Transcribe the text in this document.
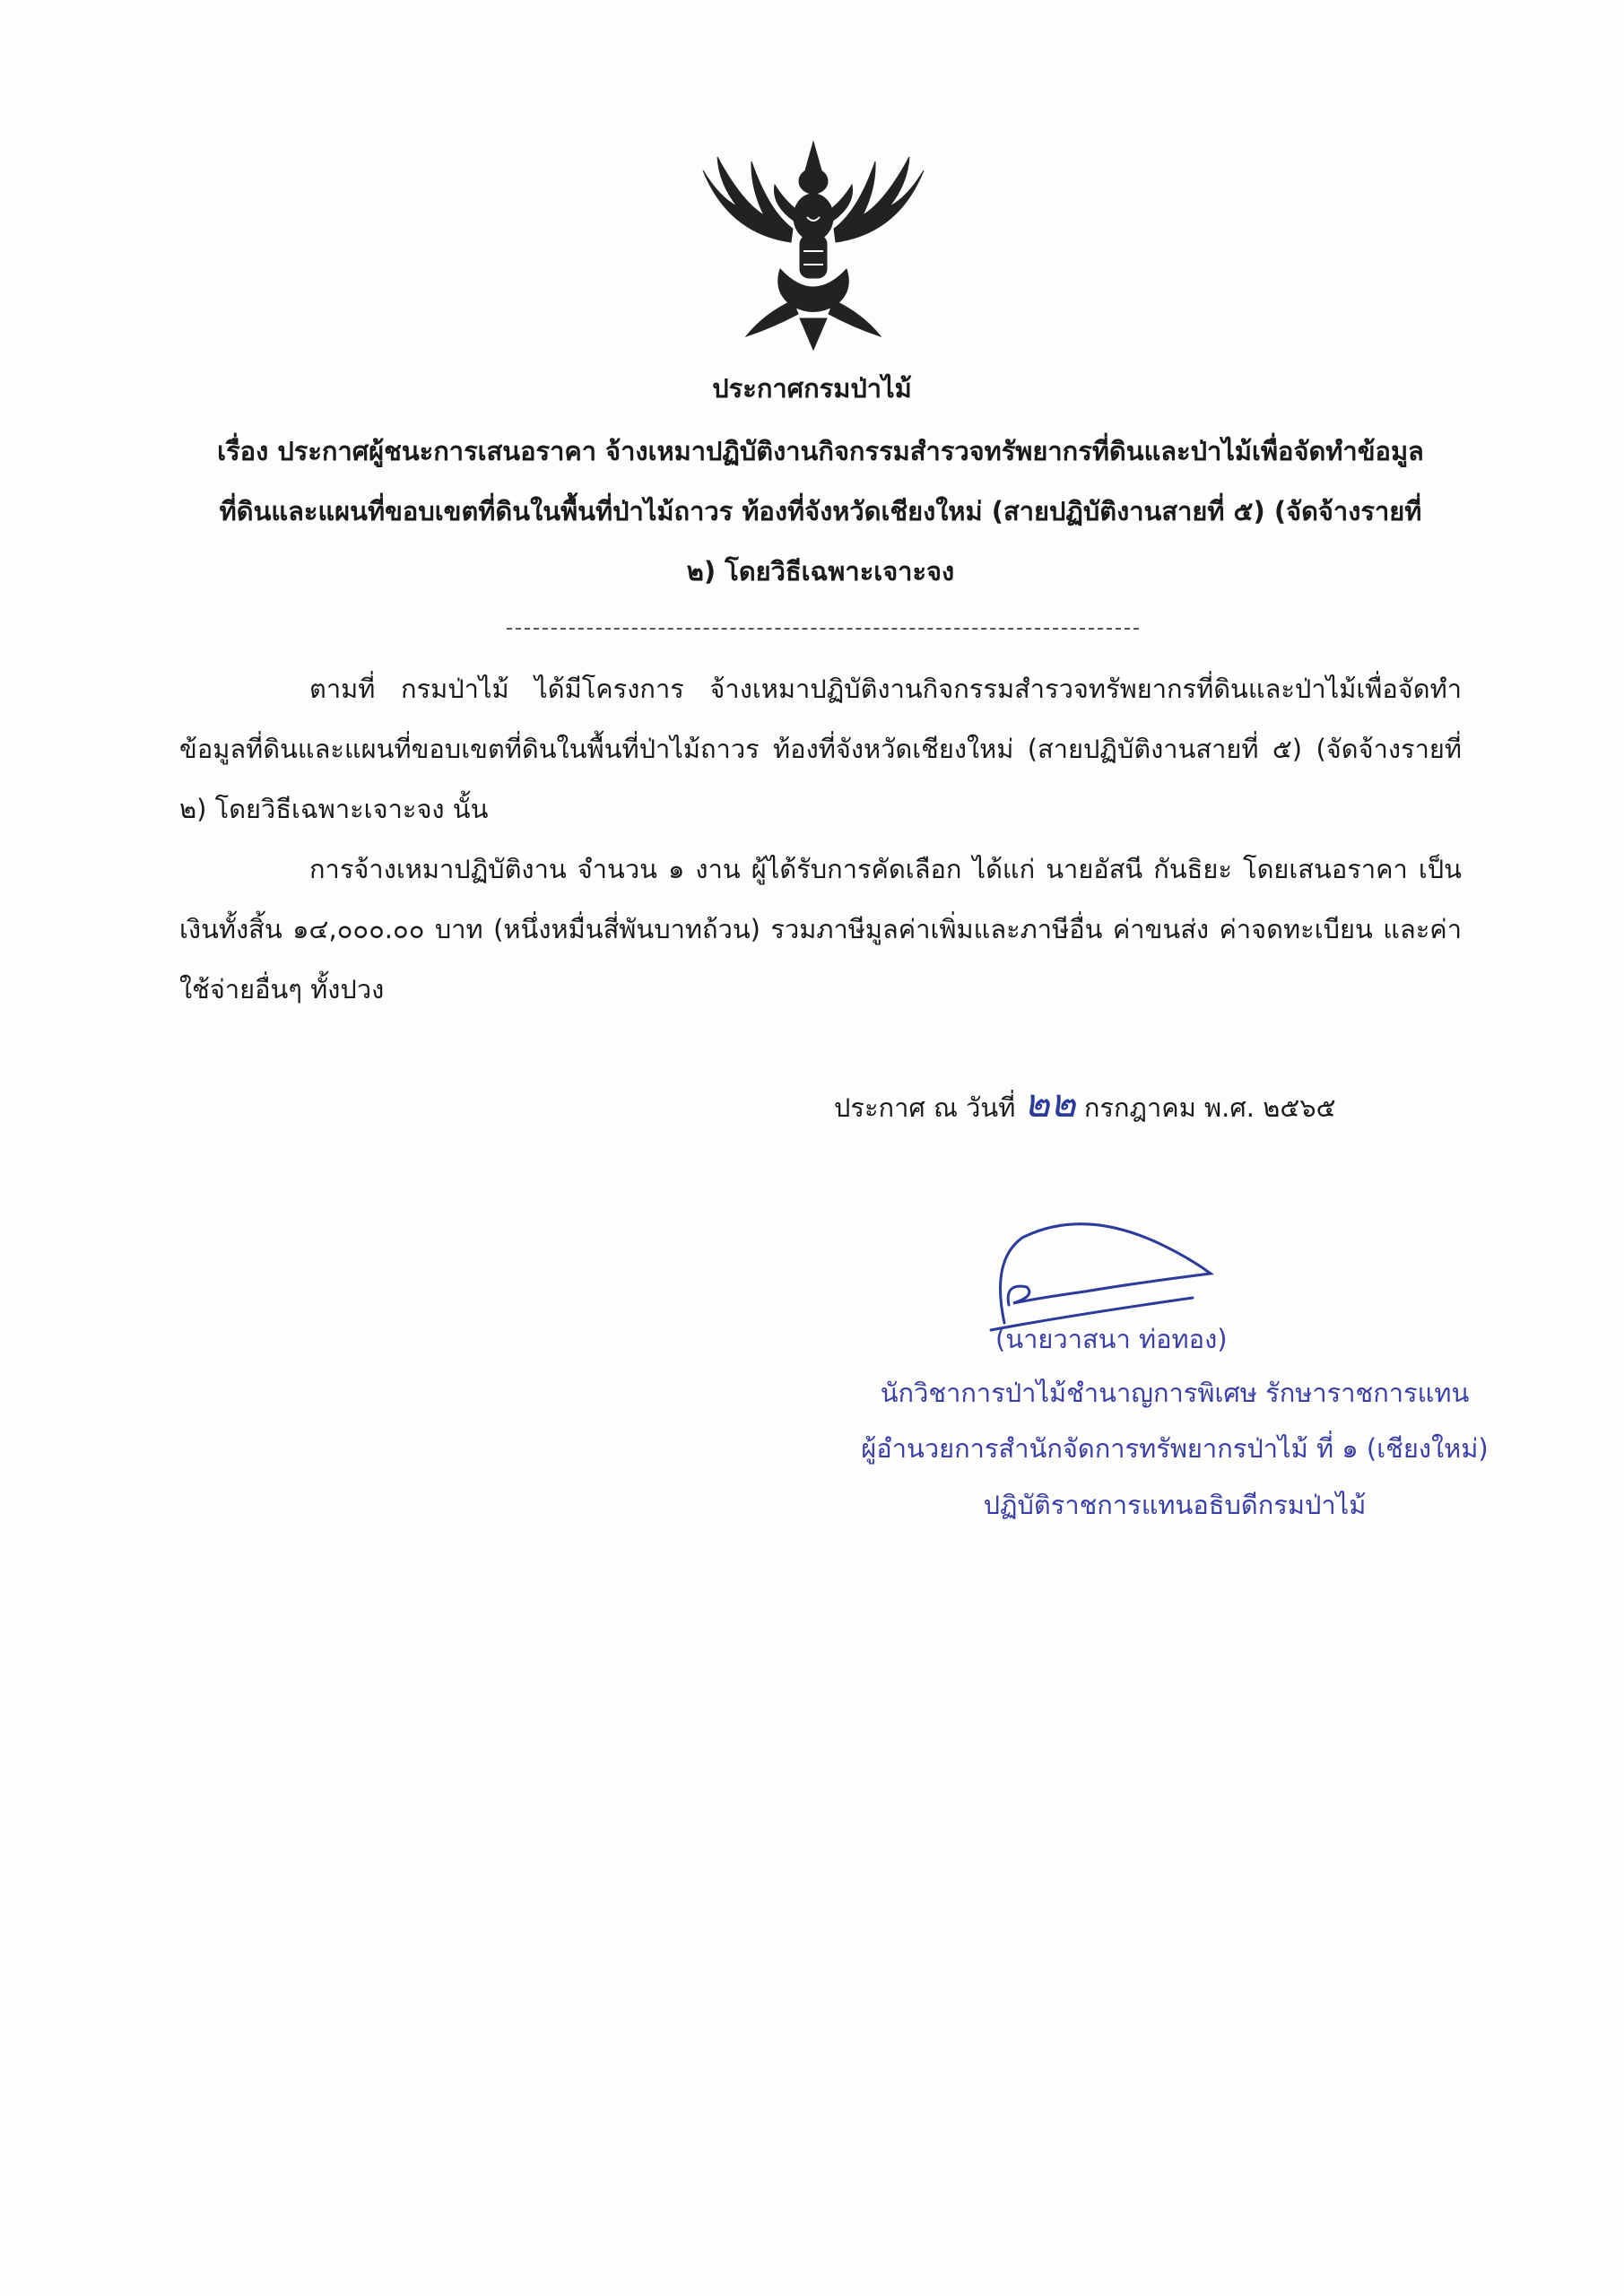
ประกาศกรมป่าไม้
เรื่อง ประกาศผู้ชนะการเสนอราคา จ้างเหมาปฏิบัติงานกิจกรรมสำรวจทรัพยากรที่ดินและป่าไม้เพื่อจัดทำข้อมูล
ที่ดินและแผนที่ขอบเขตที่ดินในพื้นที่ป่าไม้ถาวร ท้องที่จังหวัดเชียงใหม่ (สายปฏิบัติงานสายที่ ๕) (จัดจ้างรายที่
๒) โดยวิธีเฉพาะเจาะจง

ตามที่ กรมป่าไม้ ได้มีโครงการ จ้างเหมาปฏิบัติงานกิจกรรมสำรวจทรัพยากรที่ดินและป่าไม้เพื่อจัดทำข้อมูลที่ดินและแผนที่ขอบเขตที่ดินในพื้นที่ป่าไม้ถาวร ท้องที่จังหวัดเชียงใหม่ (สายปฏิบัติงานสายที่ ๕) (จัดจ้างรายที่ ๒) โดยวิธีเฉพาะเจาะจง นั้น

การจ้างเหมาปฏิบัติงาน จำนวน ๑ งาน ผู้ได้รับการคัดเลือก ได้แก่ นายอัสนี กันธิยะ โดยเสนอราคา เป็นเงินทั้งสิ้น ๑๔,๐๐๐.๐๐ บาท (หนึ่งหมื่นสี่พันบาทถ้วน) รวมภาษีมูลค่าเพิ่มและภาษีอื่น ค่าขนส่ง ค่าจดทะเบียน และค่าใช้จ่ายอื่นๆ ทั้งปวง

ประกาศ ณ วันที่ ๒๒ กรกฎาคม พ.ศ. ๒๕๖๕
(นายวาสนา ท่อทอง)
นักวิชาการป่าไม้ชำนาญการพิเศษ รักษาราชการแทน
ผู้อำนวยการสำนักจัดการทรัพยากรป่าไม้ ที่ ๑ (เชียงใหม่)
ปฏิบัติราชการแทนอธิบดีกรมป่าไม้
